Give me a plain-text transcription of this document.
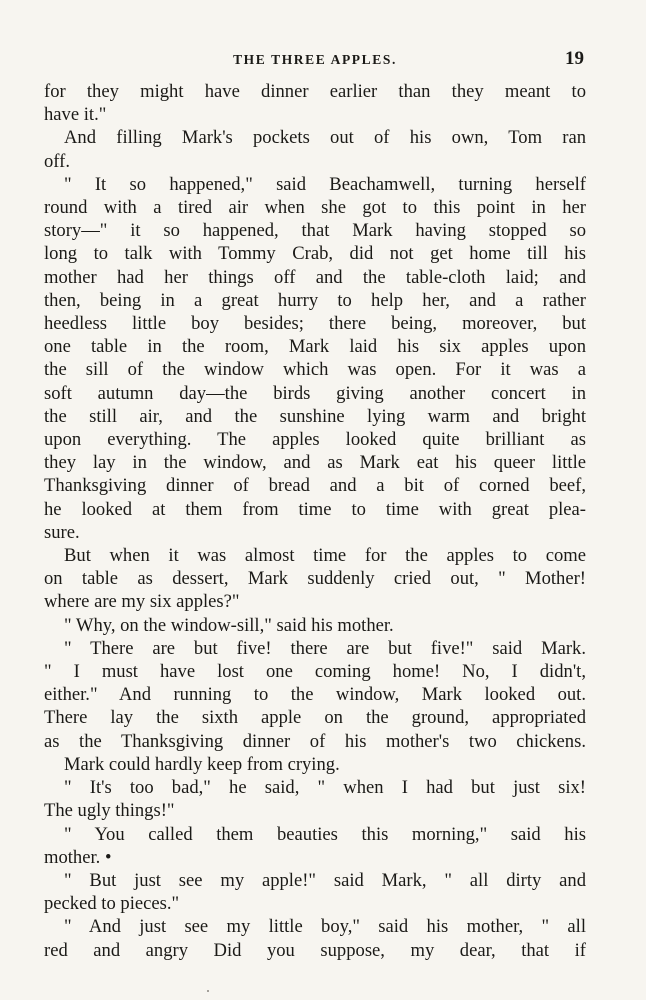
THE THREE APPLES.	19
for they might have dinner earlier than they meant to
have it."
And filling Mark's pockets out of his own, Tom ran
off.
" It so happened," said Beachamwell, turning herself
round with a tired air when she got to this point in her
story—" it so happened, that Mark having stopped so
long to talk with Tommy Crab, did not get home till his
mother had her things off and the table-cloth laid; and
then, being in a great hurry to help her, and a rather
heedless little boy besides; there being, moreover, but
one table in the room, Mark laid his six apples upon
the sill of the window which was open. For it was a
soft autumn day—the birds giving another concert in
the still air, and the sunshine lying warm and bright
upon everything. The apples looked quite brilliant as
they lay in the window, and as Mark eat his queer little
Thanksgiving dinner of bread and a bit of corned beef,
he looked at them from time to time with great plea-
sure.
But when it was almost time for the apples to come
on table as dessert, Mark suddenly cried out, " Mother!
where are my six apples?"
" Why, on the window-sill," said his mother.
" There are but five! there are but five!" said Mark.
" I must have lost one coming home! No, I didn't,
either." And running to the window, Mark looked out.
There lay the sixth apple on the ground, appropriated
as the Thanksgiving dinner of his mother's two chickens.
Mark could hardly keep from crying.
" It's too bad," he said, " when I had but just six!
The ugly things!"
" You called them beauties this morning," said his
mother. •
" But just see my apple!" said Mark, " all dirty and
pecked to pieces."
" And just see my little boy," said his mother, " all
red and angry Did you suppose, my dear, that if
